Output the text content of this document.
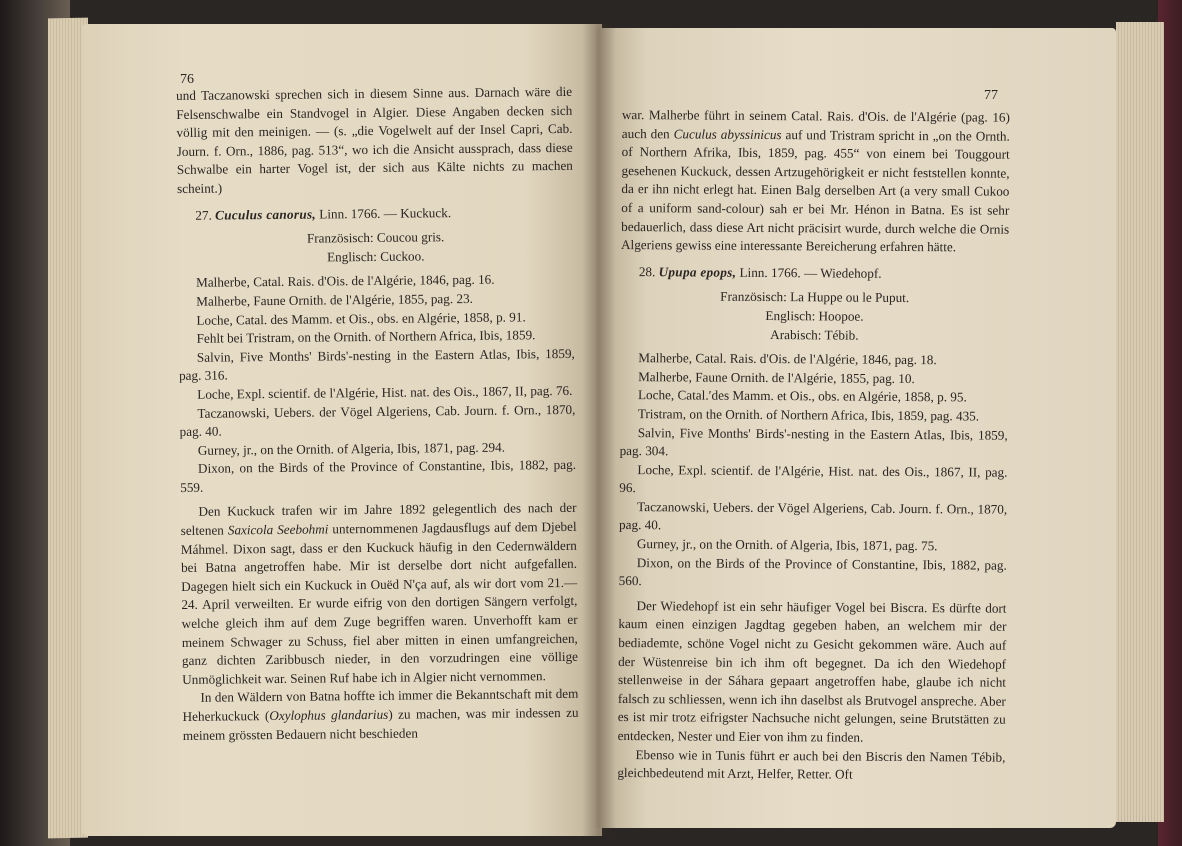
76

und Taczanowski sprechen sich in diesem Sinne aus. Darnach wäre die Felsenschwalbe ein Standvogel in Algier. Diese Angaben decken sich völlig mit den meinigen. — (s. „die Vogelwelt auf der Insel Capri, Cab. Journ. f. Orn., 1886, pag. 513“, wo ich die Ansicht aussprach, dass diese Schwalbe ein harter Vogel ist, der sich aus Kälte nichts zu machen scheint.)

27. Cuculus canorus, Linn. 1766. — Kuckuck.

Französisch: Coucou gris.

Englisch: Cuckoo.

Malherbe, Catal. Rais. d'Ois. de l'Algérie, 1846, pag. 16.

Malherbe, Faune Ornith. de l'Algérie, 1855, pag. 23.

Loche, Catal. des Mamm. et Ois., obs. en Algérie, 1858, p. 91.

Fehlt bei Tristram, on the Ornith. of Northern Africa, Ibis, 1859.

Salvin, Five Months' Birds'-nesting in the Eastern Atlas, Ibis, 1859, pag. 316.

Loche, Expl. scientif. de l'Algérie, Hist. nat. des Ois., 1867, II, pag. 76.

Taczanowski, Uebers. der Vögel Algeriens, Cab. Journ. f. Orn., 1870, pag. 40.

Gurney, jr., on the Ornith. of Algeria, Ibis, 1871, pag. 294.

Dixon, on the Birds of the Province of Constantine, Ibis, 1882, pag. 559.

Den Kuckuck trafen wir im Jahre 1892 gelegentlich des nach der seltenen Saxicola Seebohmi unternommenen Jagdausflugs auf dem Djebel Máhmel. Dixon sagt, dass er den Kuckuck häufig in den Cedernwäldern bei Batna angetroffen habe. Mir ist derselbe dort nicht aufgefallen. Dagegen hielt sich ein Kuckuck in Ouëd N'ça auf, als wir dort vom 21.—24. April verweilten. Er wurde eifrig von den dortigen Sängern verfolgt, welche gleich ihm auf dem Zuge begriffen waren. Unverhofft kam er meinem Schwager zu Schuss, fiel aber mitten in einen umfangreichen, ganz dichten Zaribbusch nieder, in den vorzudringen eine völlige Unmöglichkeit war. Seinen Ruf habe ich in Algier nicht vernommen.

In den Wäldern von Batna hoffte ich immer die Bekanntschaft mit dem Heherkuckuck (Oxylophus glandarius) zu machen, was mir indessen zu meinem grössten Bedauern nicht beschieden

77

war. Malherbe führt in seinem Catal. Rais. d'Ois. de l'Algérie (pag. 16) auch den Cuculus abyssinicus auf und Tristram spricht in „on the Ornth. of Northern Afrika, Ibis, 1859, pag. 455“ von einem bei Touggourt gesehenen Kuckuck, dessen Artzugehörigkeit er nicht feststellen konnte, da er ihn nicht erlegt hat. Einen Balg derselben Art (a very small Cukoo of a uniform sand-colour) sah er bei Mr. Hénon in Batna. Es ist sehr bedauerlich, dass diese Art nicht präcisirt wurde, durch welche die Ornis Algeriens gewiss eine interessante Bereicherung erfahren hätte.

28. Upupa epops, Linn. 1766. — Wiedehopf.

Französisch: La Huppe ou le Puput.

Englisch: Hoopoe.

Arabisch: Tébib.

Malherbe, Catal. Rais. d'Ois. de l'Algérie, 1846, pag. 18.

Malherbe, Faune Ornith. de l'Algérie, 1855, pag. 10.

Loche, Catal.ʹdes Mamm. et Ois., obs. en Algérie, 1858, p. 95.

Tristram, on the Ornith. of Northern Africa, Ibis, 1859, pag. 435.

Salvin, Five Months' Birds'-nesting in the Eastern Atlas, Ibis, 1859, pag. 304.

Loche, Expl. scientif. de l'Algérie, Hist. nat. des Ois., 1867, II, pag. 96.

Taczanowski, Uebers. der Vögel Algeriens, Cab. Journ. f. Orn., 1870, pag. 40.

Gurney, jr., on the Ornith. of Algeria, Ibis, 1871, pag. 75.

Dixon, on the Birds of the Province of Constantine, Ibis, 1882, pag. 560.

Der Wiedehopf ist ein sehr häufiger Vogel bei Biscra. Es dürfte dort kaum einen einzigen Jagdtag gegeben haben, an welchem mir der bediademte, schöne Vogel nicht zu Gesicht gekommen wäre. Auch auf der Wüstenreise bin ich ihm oft begegnet. Da ich den Wiedehopf stellenweise in der Sáhara gepaart angetroffen habe, glaube ich nicht falsch zu schliessen, wenn ich ihn daselbst als Brutvogel anspreche. Aber es ist mir trotz eifrigster Nachsuche nicht gelungen, seine Brutstätten zu entdecken, Nester und Eier von ihm zu finden.

Ebenso wie in Tunis führt er auch bei den Biscris den Namen Tébib, gleichbedeutend mit Arzt, Helfer, Retter. Oft
